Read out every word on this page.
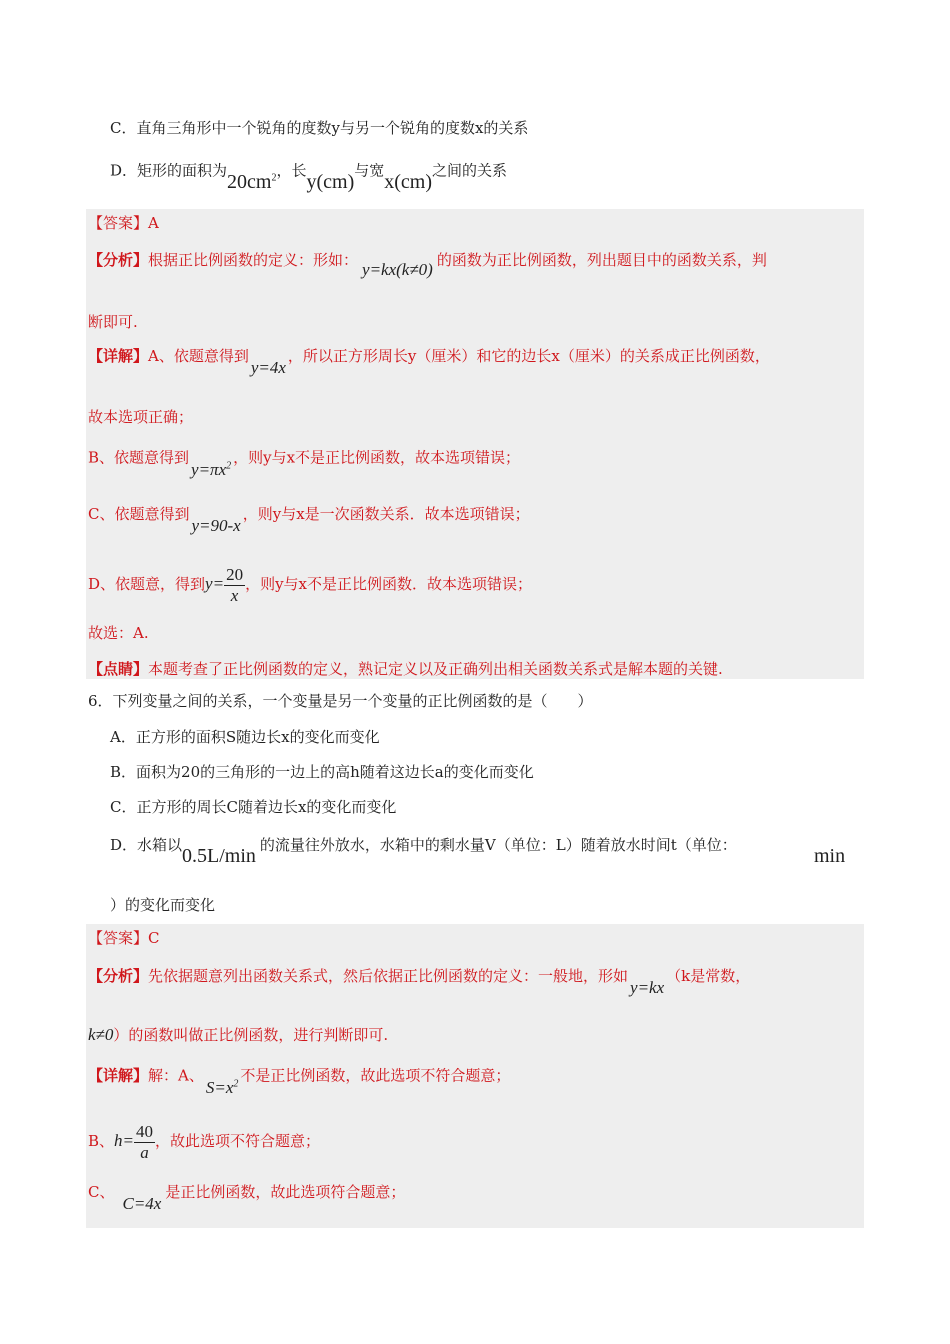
C．直角三角形中一个锐角的度数y与另一个锐角的度数x的关系
D．矩形的面积为$20cm^2$，长y(cm)与宽x(cm)之间的关系
【答案】A
【分析】根据正比例函数的定义：形如： y=kx(k≠0) 的函数为正比例函数，列出题目中的函数关系，判
断即可.
【详解】A、依题意得到y=4x，所以正方形周长y（厘米）和它的边长x（厘米）的关系成正比例函数，
故本选项正确；
B、依题意得到$y=\pi x^2$ ，则y与x不是正比例函数，故本选项错误；
C、依题意得到y=90-x，则y与x是一次函数关系．故本选项错误；
D、依题意，得到$y= \frac{20}{x}$ ，则y与x不是正比例函数．故本选项错误；
故选：A.
【点睛】本题考查了正比例函数的定义，熟记定义以及正确列出相关函数关系式是解本题的关键.
6．下列变量之间的关系，一个变量是另一个变量的正比例函数的是（　　）
A．正方形的面积S随边长x的变化而变化
B．面积为20的三角形的一边上的高h随着这边长a的变化而变化
C．正方形的周长C随着边长x的变化而变化
D．水箱以0.5L/min 的流量往外放水，水箱中的剩水量V（单位：L）随着放水时间t（单位：	min
）的变化而变化
【答案】C
【分析】先依据题意列出函数关系式，然后依据正比例函数的定义：一般地，形如y=kx（k是常数，
k≠0）的函数叫做正比例函数，进行判断即可.
【详解】解：A、$S=x^2$ 不是正比例函数，故此选项不符合题意；
B、$h= \frac{40}{a}$ ，故此选项不符合题意；
C、C=4x是正比例函数，故此选项符合题意；
